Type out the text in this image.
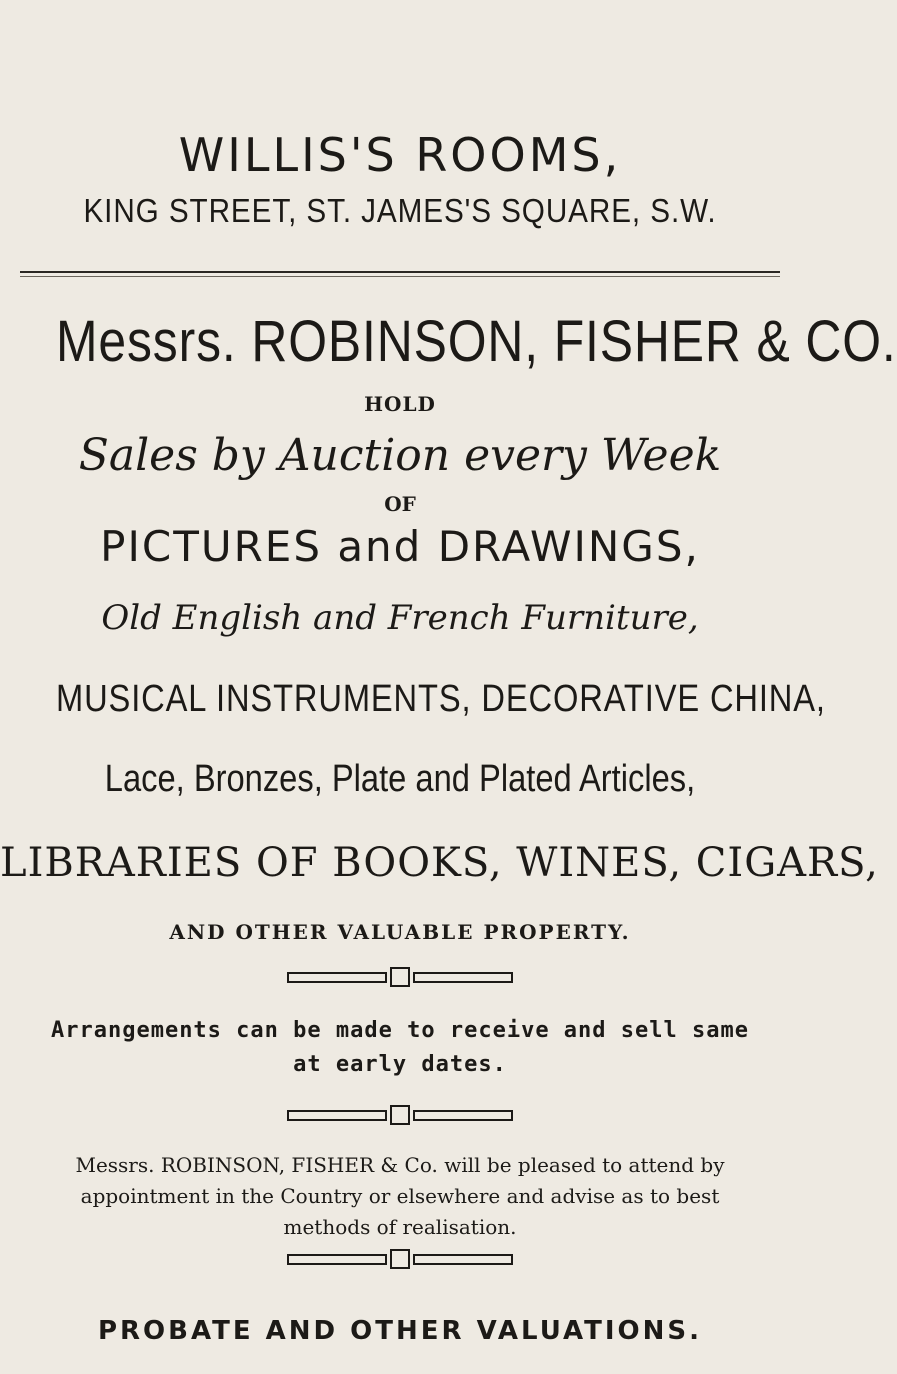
WILLIS'S ROOMS,
KING STREET, ST. JAMES'S SQUARE, S.W.
Messrs. ROBINSON, FISHER & CO.
HOLD
Sales by Auction every Week
OF
PICTURES and DRAWINGS,
Old English and French Furniture,
MUSICAL INSTRUMENTS, DECORATIVE CHINA,
Lace, Bronzes, Plate and Plated Articles,
LIBRARIES OF BOOKS, WINES, CIGARS,
AND OTHER VALUABLE PROPERTY.
Arrangements can be made to receive and sell same at early dates.
Messrs. ROBINSON, FISHER & Co. will be pleased to attend by appointment in the Country or elsewhere and advise as to best methods of realisation.
PROBATE AND OTHER VALUATIONS.
